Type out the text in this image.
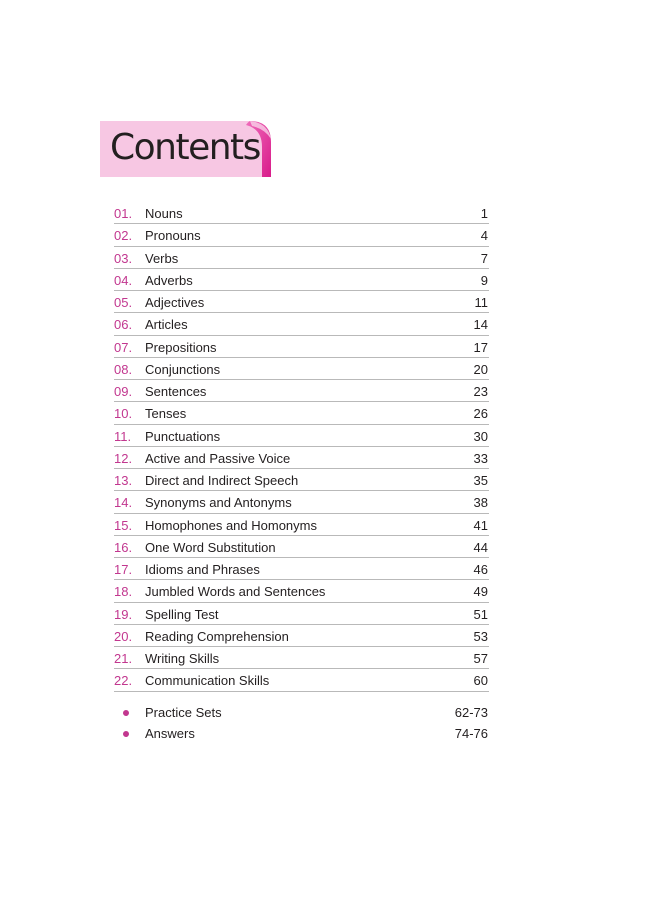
Contents
01. Nouns	1
02. Pronouns	4
03. Verbs	7
04. Adverbs	9
05. Adjectives	11
06. Articles	14
07. Prepositions	17
08. Conjunctions	20
09. Sentences	23
10. Tenses	26
11. Punctuations	30
12. Active and Passive Voice	33
13. Direct and Indirect Speech	35
14. Synonyms and Antonyms	38
15. Homophones and Homonyms	41
16. One Word Substitution	44
17. Idioms and Phrases	46
18. Jumbled Words and Sentences	49
19. Spelling Test	51
20. Reading Comprehension	53
21. Writing Skills	57
22. Communication Skills	60
Practice Sets	62-73
Answers	74-76
